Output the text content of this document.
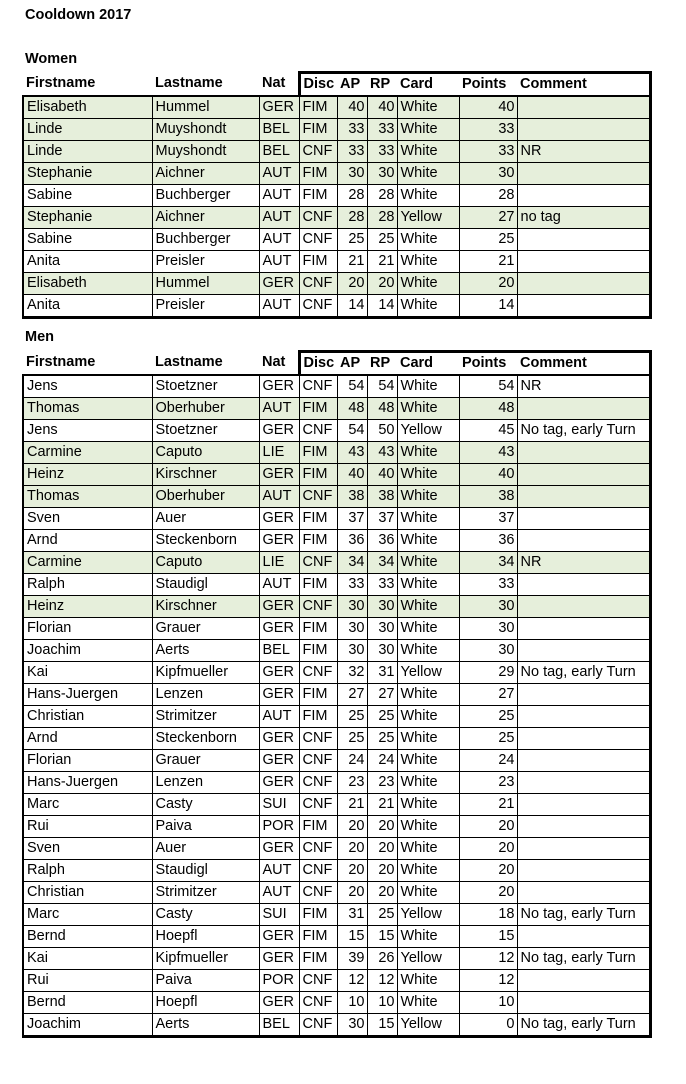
Cooldown 2017
Women
Firstname	Lastname	Nat	Disc	AP	RP	Card	Points	Comment
Elisabeth	Hummel	GER	FIM	40	40	White	40	
Linde	Muyshondt	BEL	FIM	33	33	White	33	
Linde	Muyshondt	BEL	CNF	33	33	White	33	NR
Stephanie	Aichner	AUT	FIM	30	30	White	30	
Sabine	Buchberger	AUT	FIM	28	28	White	28	
Stephanie	Aichner	AUT	CNF	28	28	Yellow	27	no tag
Sabine	Buchberger	AUT	CNF	25	25	White	25	
Anita	Preisler	AUT	FIM	21	21	White	21	
Elisabeth	Hummel	GER	CNF	20	20	White	20	
Anita	Preisler	AUT	CNF	14	14	White	14	
Men
Firstname	Lastname	Nat	Disc	AP	RP	Card	Points	Comment
Jens	Stoetzner	GER	CNF	54	54	White	54	NR
Thomas	Oberhuber	AUT	FIM	48	48	White	48	
Jens	Stoetzner	GER	CNF	54	50	Yellow	45	No tag, early Turn
Carmine	Caputo	LIE	FIM	43	43	White	43	
Heinz	Kirschner	GER	FIM	40	40	White	40	
Thomas	Oberhuber	AUT	CNF	38	38	White	38	
Sven	Auer	GER	FIM	37	37	White	37	
Arnd	Steckenborn	GER	FIM	36	36	White	36	
Carmine	Caputo	LIE	CNF	34	34	White	34	NR
Ralph	Staudigl	AUT	FIM	33	33	White	33	
Heinz	Kirschner	GER	CNF	30	30	White	30	
Florian	Grauer	GER	FIM	30	30	White	30	
Joachim	Aerts	BEL	FIM	30	30	White	30	
Kai	Kipfmueller	GER	CNF	32	31	Yellow	29	No tag, early Turn
Hans-Juergen	Lenzen	GER	FIM	27	27	White	27	
Christian	Strimitzer	AUT	FIM	25	25	White	25	
Arnd	Steckenborn	GER	CNF	25	25	White	25	
Florian	Grauer	GER	CNF	24	24	White	24	
Hans-Juergen	Lenzen	GER	CNF	23	23	White	23	
Marc	Casty	SUI	CNF	21	21	White	21	
Rui	Paiva	POR	FIM	20	20	White	20	
Sven	Auer	GER	CNF	20	20	White	20	
Ralph	Staudigl	AUT	CNF	20	20	White	20	
Christian	Strimitzer	AUT	CNF	20	20	White	20	
Marc	Casty	SUI	FIM	31	25	Yellow	18	No tag, early Turn
Bernd	Hoepfl	GER	FIM	15	15	White	15	
Kai	Kipfmueller	GER	FIM	39	26	Yellow	12	No tag, early Turn
Rui	Paiva	POR	CNF	12	12	White	12	
Bernd	Hoepfl	GER	CNF	10	10	White	10	
Joachim	Aerts	BEL	CNF	30	15	Yellow	0	No tag, early Turn
